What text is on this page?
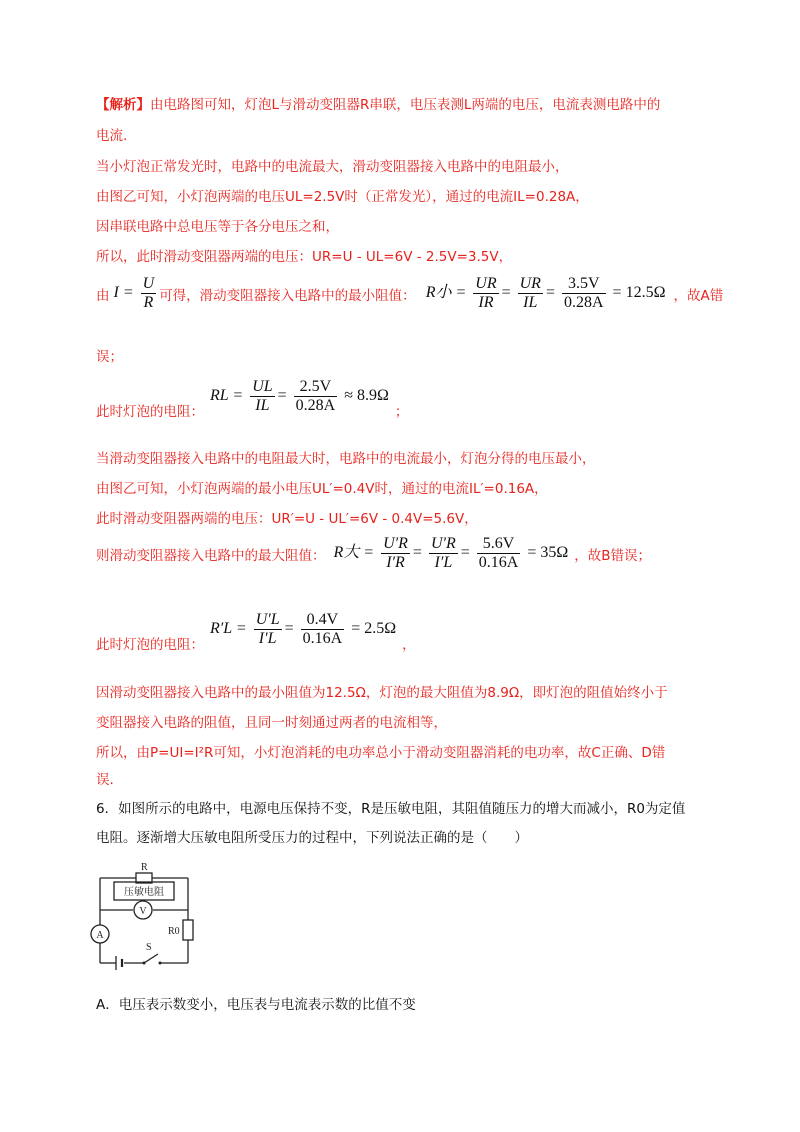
【解析】由电路图可知，灯泡L与滑动变阻器R串联，电压表测L两端的电压，电流表测电路中的
电流.
当小灯泡正常发光时，电路中的电流最大，滑动变阻器接入电路中的电阻最小，
由图乙可知，小灯泡两端的电压UL=2.5V时（正常发光），通过的电流IL=0.28A，
因串联电路中总电压等于各分电压之和，
所以，此时滑动变阻器两端的电压：UR=U - UL=6V - 2.5V=3.5V，
由 $I = \frac{U}{R}$ 可得，滑动变阻器接入电路中的最小阻值： R小 = $\frac{UR}{IR} = \frac{UR}{IL} = \frac{3.5V}{0.28A} = 12.5\Omega$ ，故A错
误；
此时灯泡的电阻：
RL = $\frac{UL}{IL} = \frac{2.5V}{0.28A} \approx 8.9\Omega$
；
当滑动变阻器接入电路中的电阻最大时，电路中的电流最小，灯泡分得的电压最小，
由图乙可知，小灯泡两端的最小电压UL′=0.4V时，通过的电流IL′=0.16A，
此时滑动变阻器两端的电压：UR′=U - UL′=6V - 0.4V=5.6V，
则滑动变阻器接入电路中的最大阻值： R大 = $\frac{U'R}{I'R} = \frac{U'R}{I'L} = \frac{5.6V}{0.16A} = 35\Omega$ ，故B错误；
此时灯泡的电阻：
$R'L = \frac{U'L}{I'L} = \frac{0.4V}{0.16A} = 2.5\Omega$
，
因滑动变阻器接入电路中的最小阻值为12.5Ω，灯泡的最大阻值为8.9Ω，即灯泡的阻值始终小于
变阻器接入电路的阻值，且同一时刻通过两者的电流相等，
所以，由P=UI=I²R可知，小灯泡消耗的电功率总小于滑动变阻器消耗的电功率，故C正确、D错
误.
6．如图所示的电路中，电源电压保持不变，R是压敏电阻，其阻值随压力的增大而减小，R0为定值
电阻。逐渐增大压敏电阻所受压力的过程中，下列说法正确的是（　　）
R
压敏电阻
V
A
S
R0
A．电压表示数变小，电压表与电流表示数的比值不变
